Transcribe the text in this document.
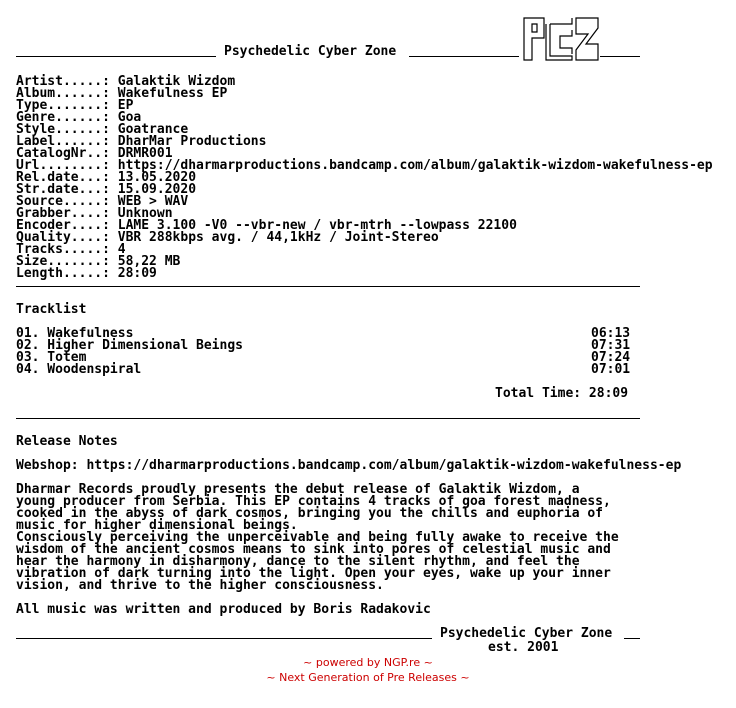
Psychedelic Cyber Zone
Artist.....: Galaktik Wizdom
Album......: Wakefulness EP
Type.......: EP
Genre......: Goa
Style......: Goatrance
Label......: DharMar Productions
CatalogNr..: DRMR001
Url........: https://dharmarproductions.bandcamp.com/album/galaktik-wizdom-wakefulness-ep
Rel.date...: 13.05.2020
Str.date...: 15.09.2020
Source.....: WEB > WAV
Grabber....: Unknown
Encoder....: LAME 3.100 -V0 --vbr-new / vbr-mtrh --lowpass 22100
Quality....: VBR 288kbps avg. / 44,1kHz / Joint-Stereo
Tracks.....: 4
Size.......: 58,22 MB
Length.....: 28:09
Tracklist
01. Wakefulness	06:13
02. Higher Dimensional Beings	07:31
03. Totem	07:24
04. Woodenspiral	07:01
Total Time: 28:09
Release Notes
Webshop: https://dharmarproductions.bandcamp.com/album/galaktik-wizdom-wakefulness-ep
Dharmar Records proudly presents the debut release of Galaktik Wizdom, a
young producer from Serbia. This EP contains 4 tracks of goa forest madness,
cooked in the abyss of dark cosmos, bringing you the chills and euphoria of
music for higher dimensional beings.
Consciously perceiving the unperceivable and being fully awake to receive the
wisdom of the ancient cosmos means to sink into pores of celestial music and
hear the harmony in disharmony, dance to the silent rhythm, and feel the
vibration of dark turning into the light. Open your eyes, wake up your inner
vision, and thrive to the higher consciousness.
All music was written and produced by Boris Radakovic
Psychedelic Cyber Zone
est. 2001
~ powered by NGP.re ~
~ Next Generation of Pre Releases ~
